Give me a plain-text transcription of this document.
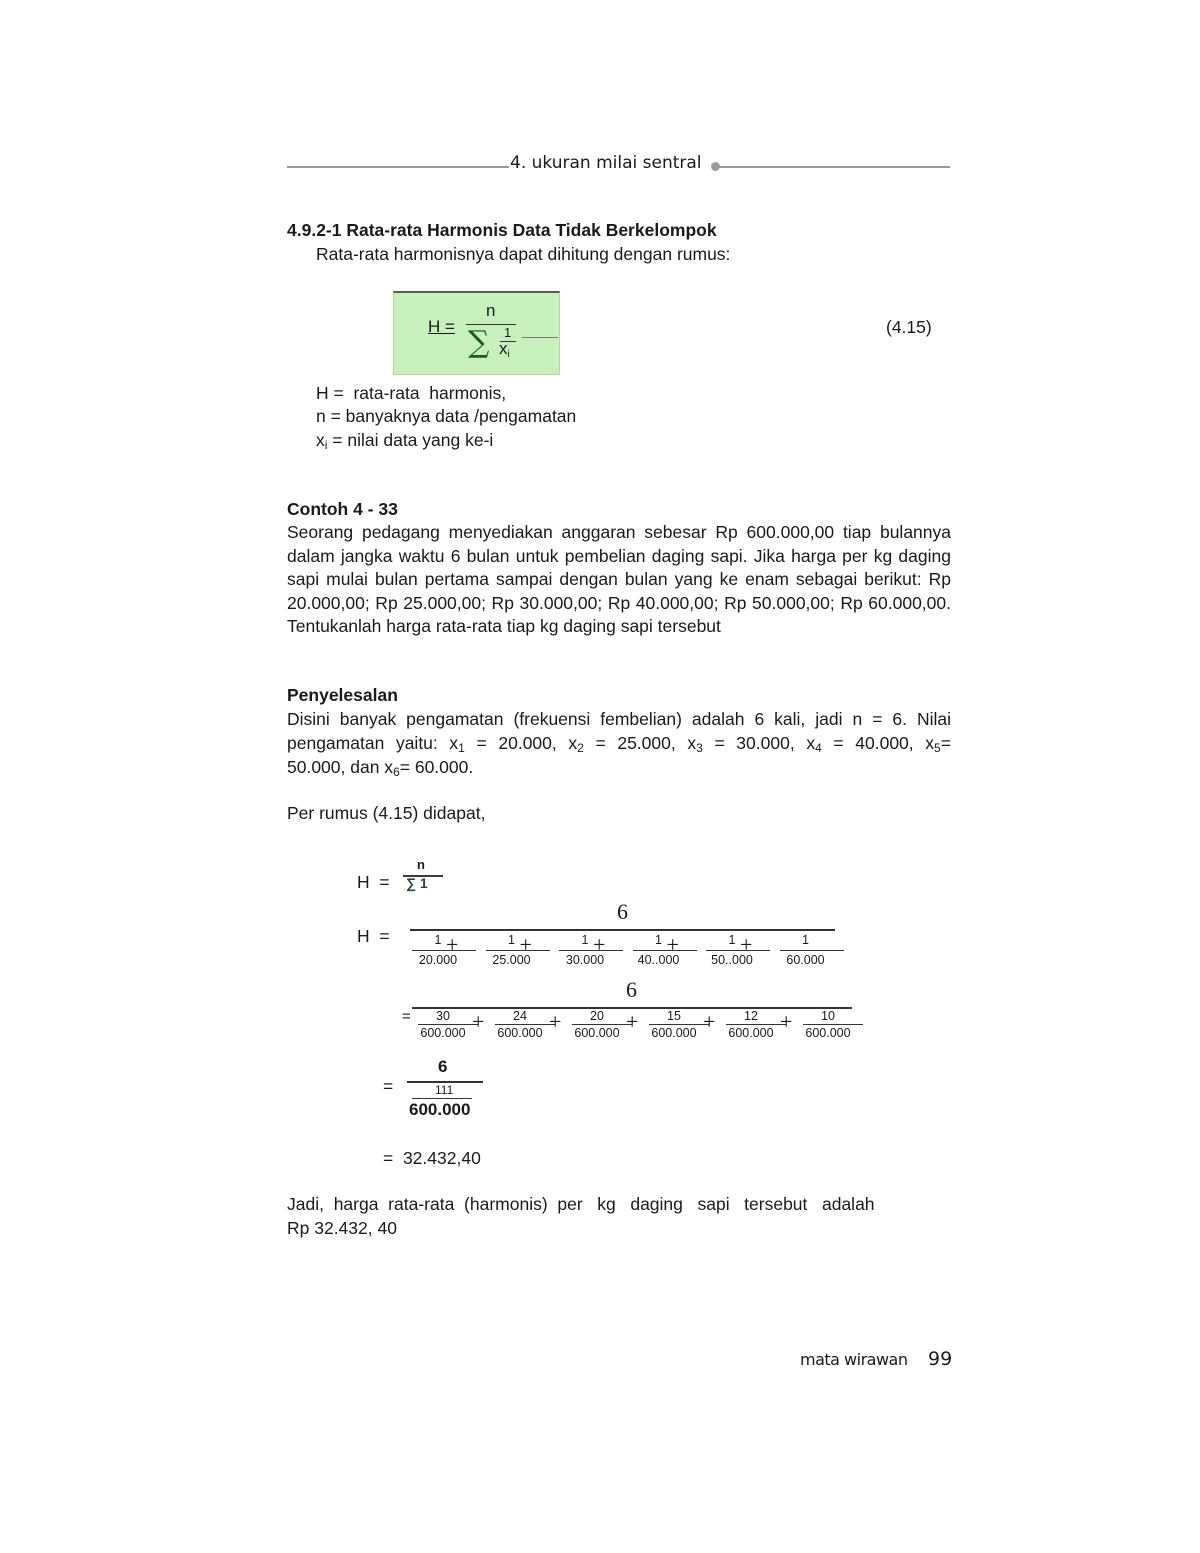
4. ukuran milai sentral
4.9.2-1 Rata-rata Harmonis Data Tidak Berkelompok
Rata-rata harmonisnya dapat dihitung dengan rumus:
H =
n
∑ 1
$x_i$
(4.15)
H =  rata-rata  harmonis,
n = banyaknya data /pengamatan
$x_i$ = nilai data yang ke-i
Contoh 4 - 33
Seorang pedagang menyediakan anggaran sebesar Rp 600.000,00 tiap bulannya dalam jangka waktu 6 bulan untuk pembelian daging sapi. Jika harga per kg daging sapi mulai bulan pertama sampai dengan bulan yang ke enam sebagai berikut: Rp 20.000,00; Rp 25.000,00; Rp 30.000,00; Rp 40.000,00; Rp 50.000,00; Rp 60.000,00. Tentukanlah harga rata-rata tiap kg daging sapi tersebut
Penyelesalan
Disini banyak pengamatan (frekuensi fembelian) adalah 6 kali, jadi n = 6. Nilai
pengamatan yaitu: $x_1 = 20.000$, $x_2 = 25.000$, $x_3 = 30.000$, $x_4 = 40.000$, $x_5=$
50.000, dan $x_6= 60.000$.
Per rumus (4.15) didapat,
H  =
n
∑ 1
H  =
6
1
20.000
+	1
25.000
+	1
30.000
+	1
40..000
+	1
50..000
+	1
60.000
=
6
30
600.000 +	24
600.000 +	20
600.000 +	15
600.000 +	12
600.000 +	10
600.000
=
6
111
600.000
=  32.432,40
Jadi,  harga  rata-rata  (harmonis)  per   kg   daging   sapi   tersebut   adalah
Rp 32.432, 40
mata wirawan 99
